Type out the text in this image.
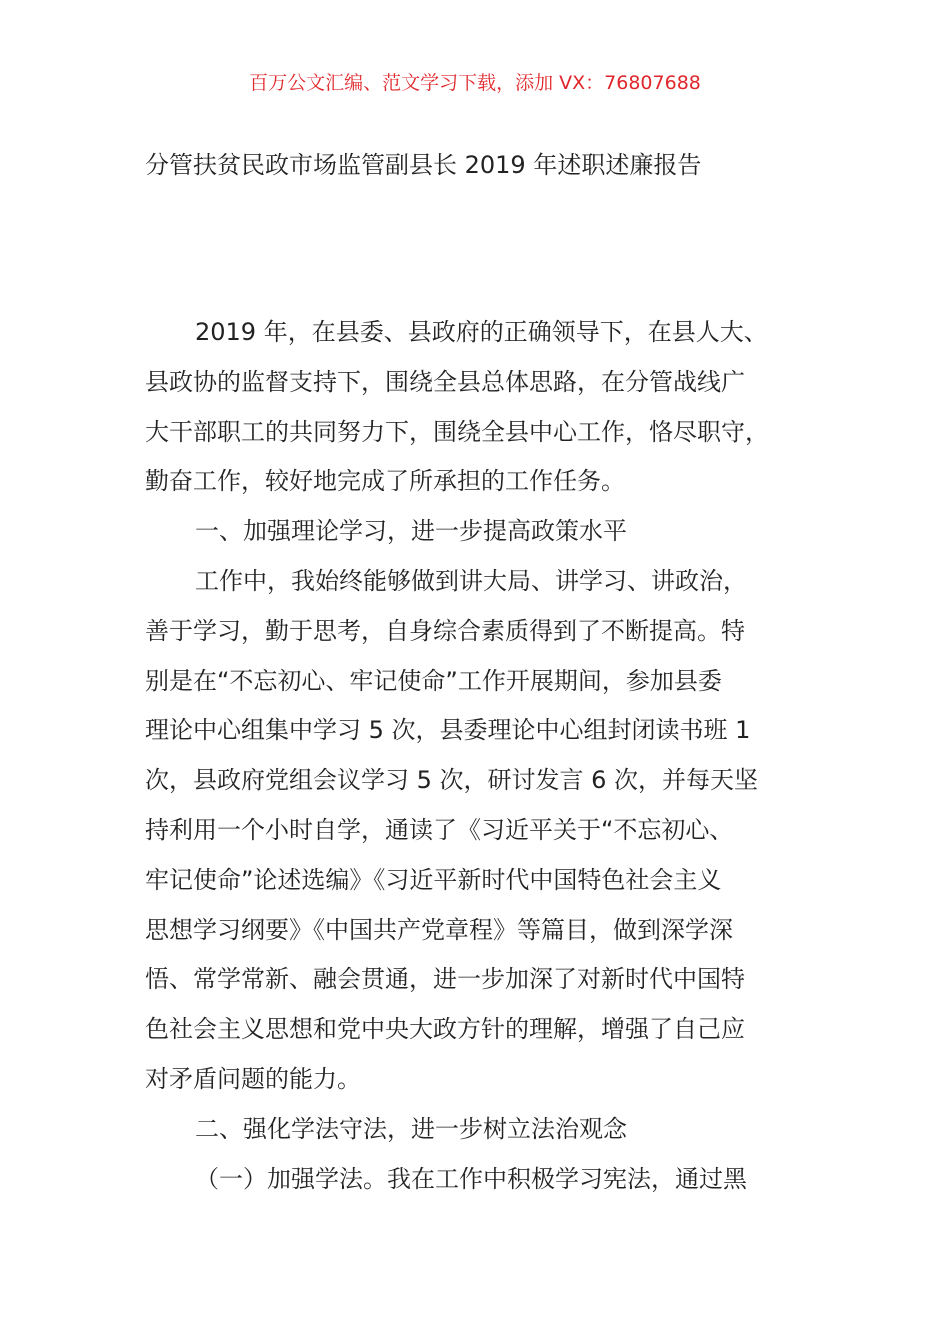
百万公文汇编、范文学习下载，添加 VX：76807688
分管扶贫民政市场监管副县长 2019 年述职述廉报告
2019 年，在县委、县政府的正确领导下，在县人大、
县政协的监督支持下，围绕全县总体思路，在分管战线广
大干部职工的共同努力下，围绕全县中心工作，恪尽职守，
勤奋工作，较好地完成了所承担的工作任务。
一、加强理论学习，进一步提高政策水平
工作中，我始终能够做到讲大局、讲学习、讲政治，
善于学习，勤于思考，自身综合素质得到了不断提高。特
别是在“不忘初心、牢记使命”工作开展期间，参加县委
理论中心组集中学习 5 次，县委理论中心组封闭读书班 1
次，县政府党组会议学习 5 次，研讨发言 6 次，并每天坚
持利用一个小时自学，通读了《习近平关于“不忘初心、
牢记使命”论述选编》《习近平新时代中国特色社会主义
思想学习纲要》《中国共产党章程》等篇目，做到深学深
悟、常学常新、融会贯通，进一步加深了对新时代中国特
色社会主义思想和党中央大政方针的理解，增强了自己应
对矛盾问题的能力。
二、强化学法守法，进一步树立法治观念
（一）加强学法。我在工作中积极学习宪法，通过黑
